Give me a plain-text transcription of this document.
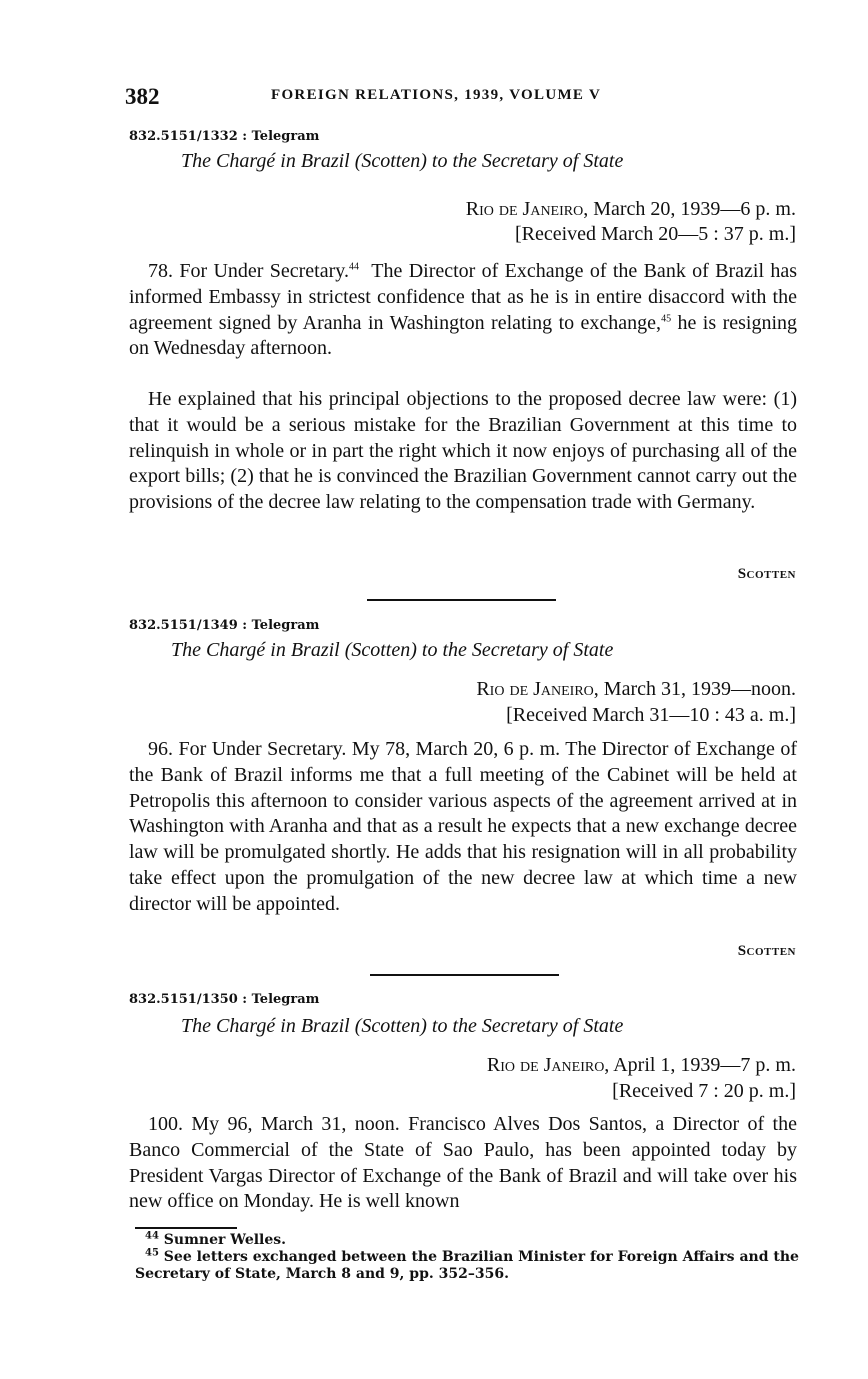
382	FOREIGN RELATIONS, 1939, VOLUME V
832.5151/1332 : Telegram
The Chargé in Brazil (Scotten) to the Secretary of State
Rio de Janeiro, March 20, 1939—6 p. m.
[Received March 20—5 : 37 p. m.]

78. For Under Secretary.$^{44}$ The Director of Exchange of the Bank of Brazil has informed Embassy in strictest confidence that as he is in entire disaccord with the agreement signed by Aranha in Washington relating to exchange,$^{45}$ he is resigning on Wednesday afternoon.

He explained that his principal objections to the proposed decree law were: (1) that it would be a serious mistake for the Brazilian Government at this time to relinquish in whole or in part the right which it now enjoys of purchasing all of the export bills; (2) that he is convinced the Brazilian Government cannot carry out the provisions of the decree law relating to the compensation trade with Germany.

Scotten
832.5151/1349 : Telegram
The Chargé in Brazil (Scotten) to the Secretary of State
Rio de Janeiro, March 31, 1939—noon.
[Received March 31—10 : 43 a. m.]

96. For Under Secretary. My 78, March 20, 6 p. m. The Director of Exchange of the Bank of Brazil informs me that a full meeting of the Cabinet will be held at Petropolis this afternoon to consider various aspects of the agreement arrived at in Washington with Aranha and that as a result he expects that a new exchange decree law will be promulgated shortly. He adds that his resignation will in all probability take effect upon the promulgation of the new decree law at which time a new director will be appointed.

Scotten
832.5151/1350 : Telegram
The Chargé in Brazil (Scotten) to the Secretary of State
Rio de Janeiro, April 1, 1939—7 p. m.
[Received 7 : 20 p. m.]

100. My 96, March 31, noon. Francisco Alves Dos Santos, a Director of the Banco Commercial of the State of Sao Paulo, has been appointed today by President Vargas Director of Exchange of the Bank of Brazil and will take over his new office on Monday. He is well known

$^{44}$ Sumner Welles.

$^{45}$ See letters exchanged between the Brazilian Minister for Foreign Affairs and the Secretary of State, March 8 and 9, pp. 352–356.
